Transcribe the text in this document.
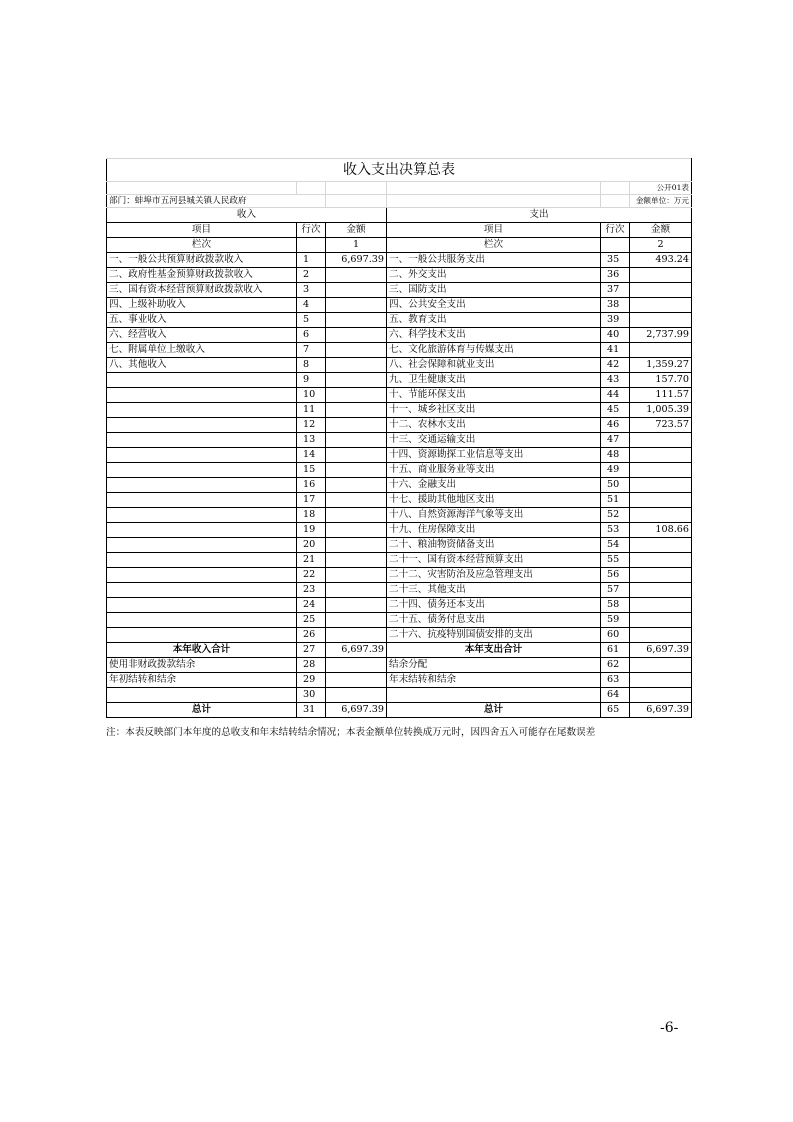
收入支出决算总表					
					公开01表
部门：蚌埠市五河县城关镇人民政府					金额单位：万元
收入			支出		
项目	行次	金额	项目	行次	金额
栏次		1	栏次		2
一、一般公共预算财政拨款收入	1	6,697.39	一、一般公共服务支出	35	493.24
二、政府性基金预算财政拨款收入	2		二、外交支出	36	
三、国有资本经营预算财政拨款收入	3		三、国防支出	37	
四、上级补助收入	4		四、公共安全支出	38	
五、事业收入	5		五、教育支出	39	
六、经营收入	6		六、科学技术支出	40	2,737.99
七、附属单位上缴收入	7		七、文化旅游体育与传媒支出	41	
八、其他收入	8		八、社会保障和就业支出	42	1,359.27
	9		九、卫生健康支出	43	157.70
	10		十、节能环保支出	44	111.57
	11		十一、城乡社区支出	45	1,005.39
	12		十二、农林水支出	46	723.57
	13		十三、交通运输支出	47	
	14		十四、资源勘探工业信息等支出	48	
	15		十五、商业服务业等支出	49	
	16		十六、金融支出	50	
	17		十七、援助其他地区支出	51	
	18		十八、自然资源海洋气象等支出	52	
	19		十九、住房保障支出	53	108.66
	20		二十、粮油物资储备支出	54	
	21		二十一、国有资本经营预算支出	55	
	22		二十二、灾害防治及应急管理支出	56	
	23		二十三、其他支出	57	
	24		二十四、债务还本支出	58	
	25		二十五、债务付息支出	59	
	26		二十六、抗疫特别国债安排的支出	60	
本年收入合计	27	6,697.39	本年支出合计	61	6,697.39
使用非财政拨款结余	28		结余分配	62	
年初结转和结余	29		年末结转和结余	63	
	30			64	
总计	31	6,697.39	总计	65	6,697.39
注：本表反映部门本年度的总收支和年末结转结余情况；本表金额单位转换成万元时，因四舍五入可能存在尾数误差
-6-
